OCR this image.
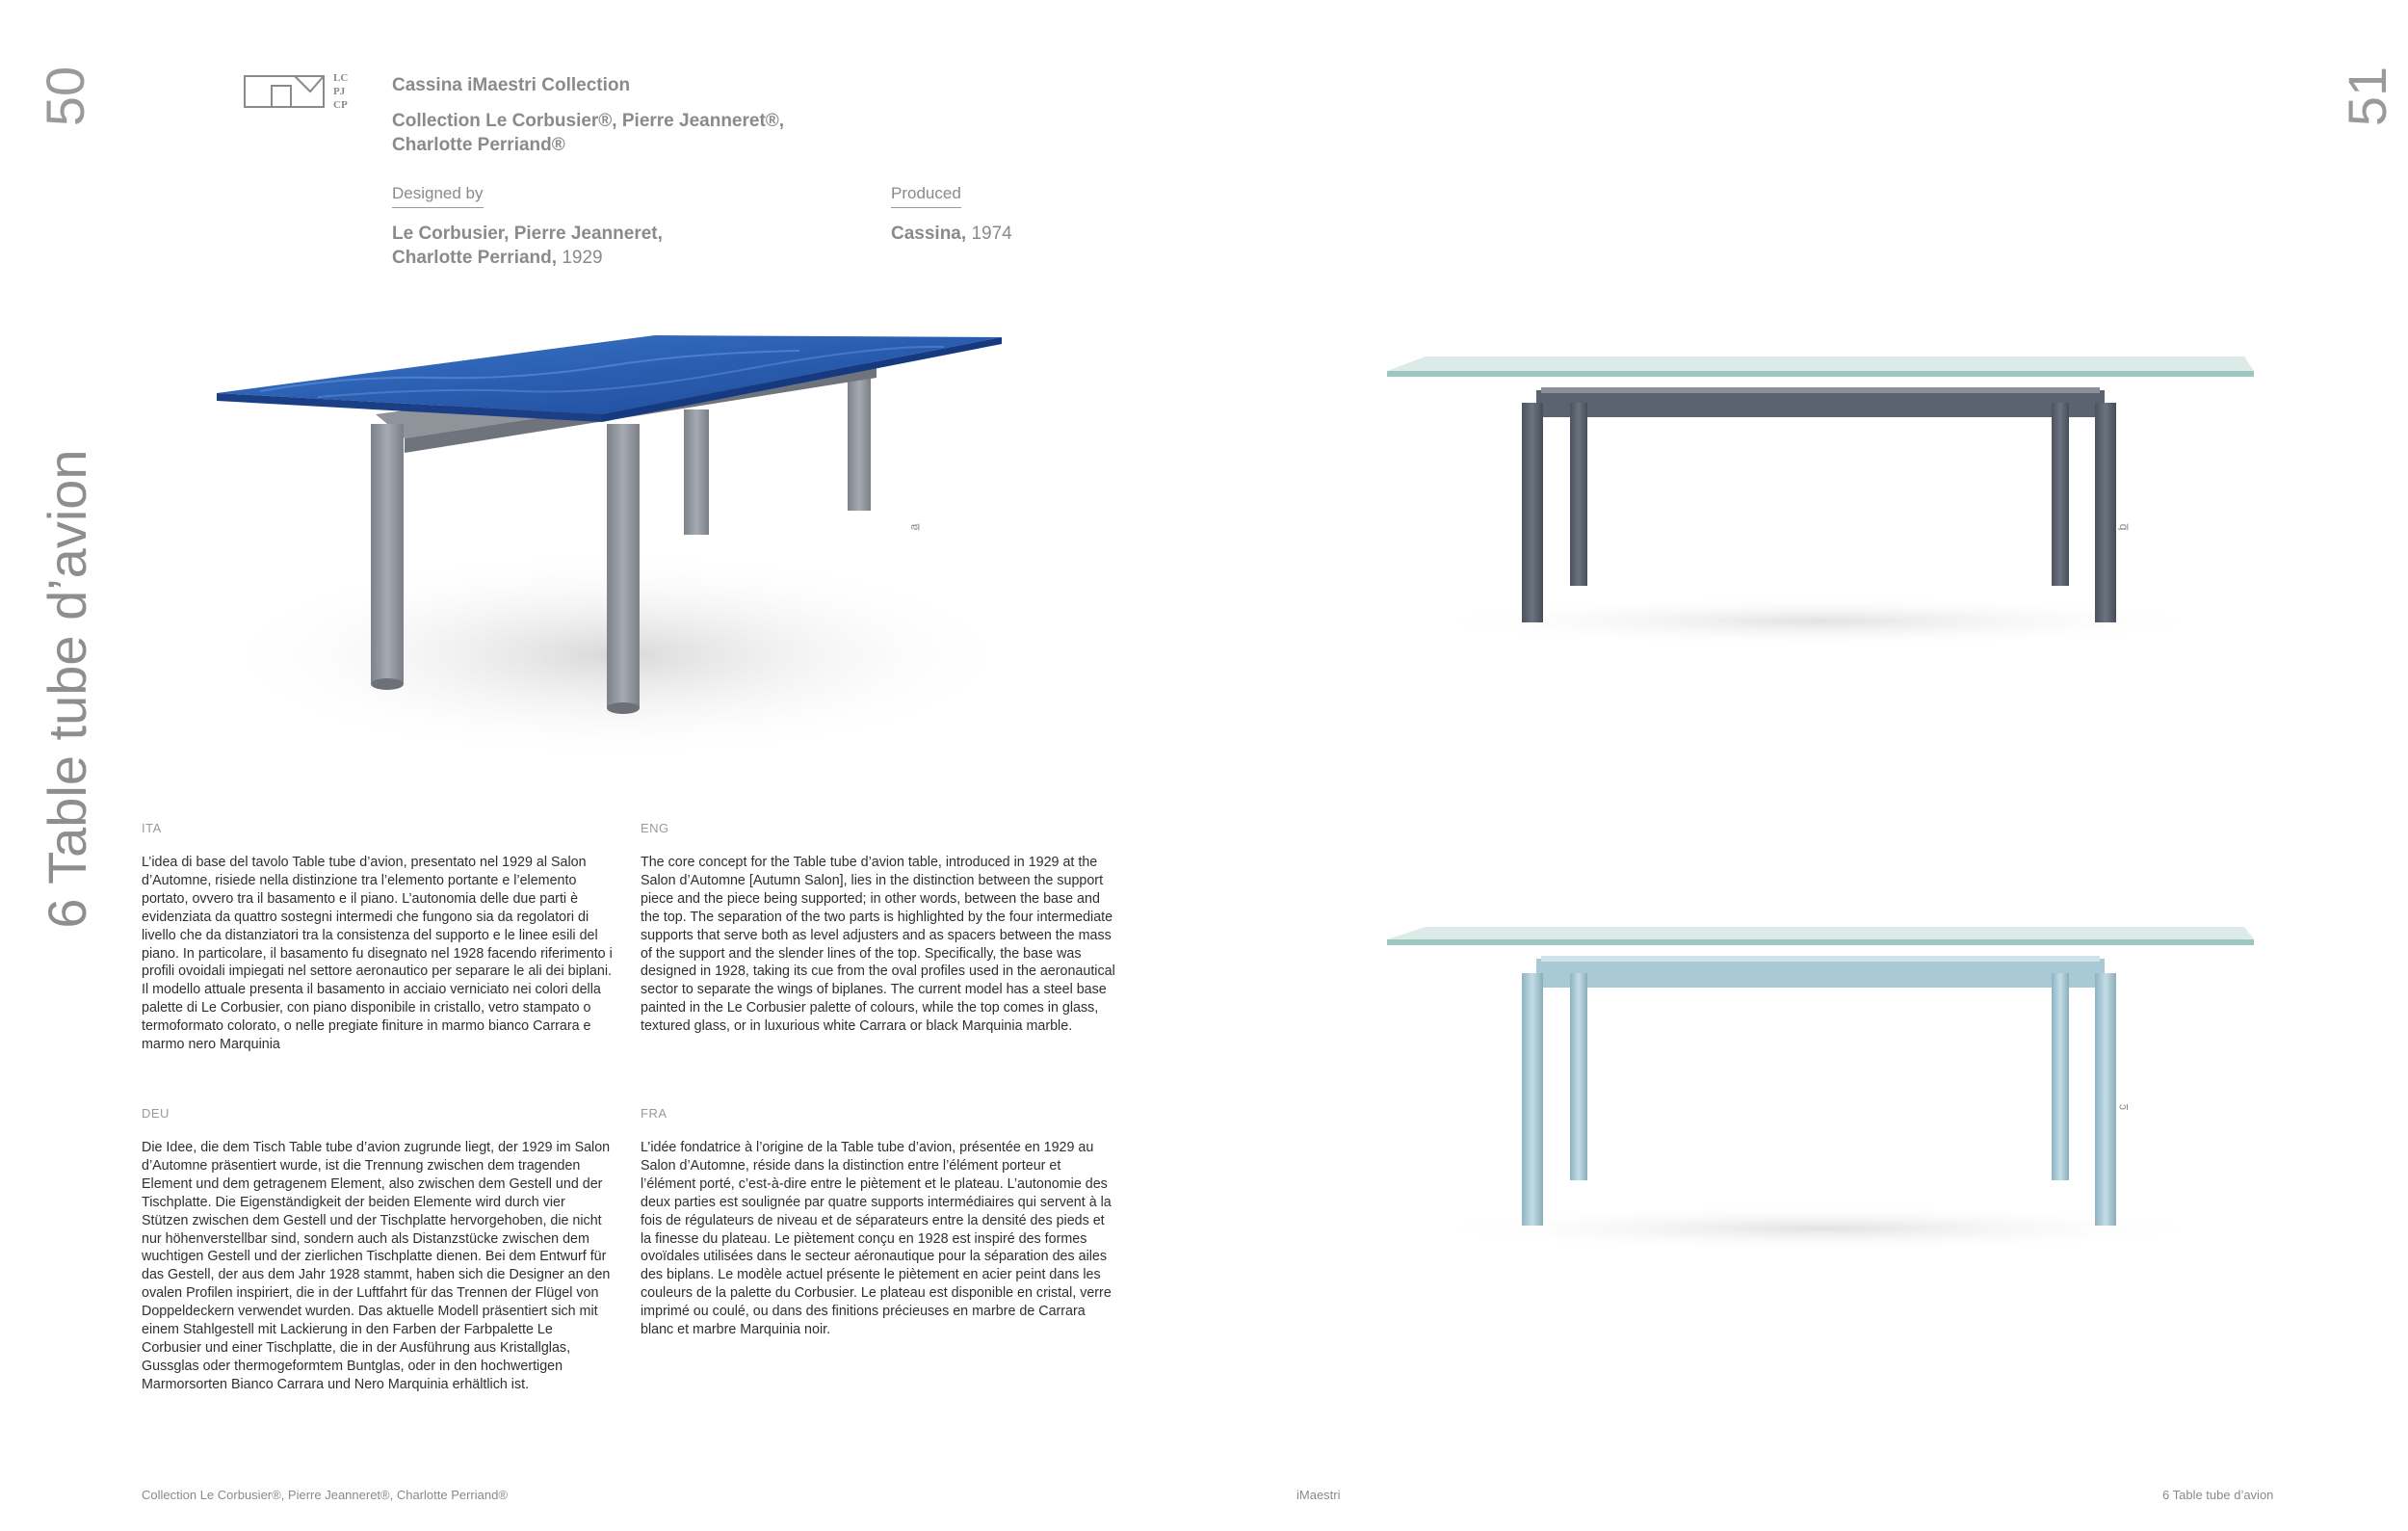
50	51
6 Table tube d’avion
LC
PJ
CP
Cassina iMaestri Collection
Collection Le Corbusier®, Pierre Jeanneret®, Charlotte Perriand®
Designed by
Le Corbusier, Pierre Jeanneret, Charlotte Perriand, 1929
Produced
Cassina, 1974
a	b
c
ITA
L’idea di base del tavolo Table tube d’avion, presentato nel 1929 al Salon d’Automne, risiede nella distinzione tra l’elemento portante e l’elemento portato, ovvero tra il basamento e il piano. L’autonomia delle due parti è evidenziata da quattro sostegni intermedi che fungono sia da regolatori di livello che da distanziatori tra la consistenza del supporto e le linee esili del piano. In particolare, il basamento fu disegnato nel 1928 facendo riferimento i profili ovoidali impiegati nel settore aeronautico per separare le ali dei biplani. Il modello attuale presenta il basamento in acciaio verniciato nei colori della palette di Le Corbusier, con piano disponibile in cristallo, vetro stampato o termoformato colorato, o nelle pregiate finiture in marmo bianco Carrara e marmo nero Marquinia
ENG
The core concept for the Table tube d’avion table, introduced in 1929 at the Salon d’Automne [Autumn Salon], lies in the distinction between the support piece and the piece being supported; in other words, between the base and the top. The separation of the two parts is highlighted by the four intermediate supports that serve both as level adjusters and as spacers between the mass of the support and the slender lines of the top. Specifically, the base was designed in 1928, taking its cue from the oval profiles used in the aeronautical sector to separate the wings of biplanes. The current model has a steel base painted in the Le Corbusier palette of colours, while the top comes in glass, textured glass, or in luxurious white Carrara or black Marquinia marble.
DEU
Die Idee, die dem Tisch Table tube d’avion zugrunde liegt, der 1929 im Salon d’Automne präsentiert wurde, ist die Trennung zwischen dem tragenden Element und dem getragenem Element, also zwischen dem Gestell und der Tischplatte. Die Eigenständigkeit der beiden Elemente wird durch vier Stützen zwischen dem Gestell und der Tischplatte hervorgehoben, die nicht nur höhenverstellbar sind, sondern auch als Distanzstücke zwischen dem wuchtigen Gestell und der zierlichen Tischplatte dienen. Bei dem Entwurf für das Gestell, der aus dem Jahr 1928 stammt, haben sich die Designer an den ovalen Profilen inspiriert, die in der Luftfahrt für das Trennen der Flügel von Doppeldeckern verwendet wurden. Das aktuelle Modell präsentiert sich mit einem Stahlgestell mit Lackierung in den Farben der Farbpalette Le Corbusier und einer Tischplatte, die in der Ausführung aus Kristallglas, Gussglas oder thermogeformtem Buntglas, oder in den hochwertigen Marmorsorten Bianco Carrara und Nero Marquinia erhältlich ist.
FRA
L’idée fondatrice à l’origine de la Table tube d’avion, présentée en 1929 au Salon d’Automne, réside dans la distinction entre l’élément porteur et l’élément porté, c’est-à-dire entre le piètement et le plateau. L’autonomie des deux parties est soulignée par quatre supports intermédiaires qui servent à la fois de régulateurs de niveau et de séparateurs entre la densité des pieds et la finesse du plateau. Le piètement conçu en 1928 est inspiré des formes ovoïdales utilisées dans le secteur aéronautique pour la séparation des ailes des biplans. Le modèle actuel présente le piètement en acier peint dans les couleurs de la palette du Corbusier. Le plateau est disponible en cristal, verre imprimé ou coulé, ou dans des finitions précieuses en marbre de Carrara blanc et marbre Marquinia noir.
Collection Le Corbusier®, Pierre Jeanneret®, Charlotte Perriand®	iMaestri	6 Table tube d’avion
